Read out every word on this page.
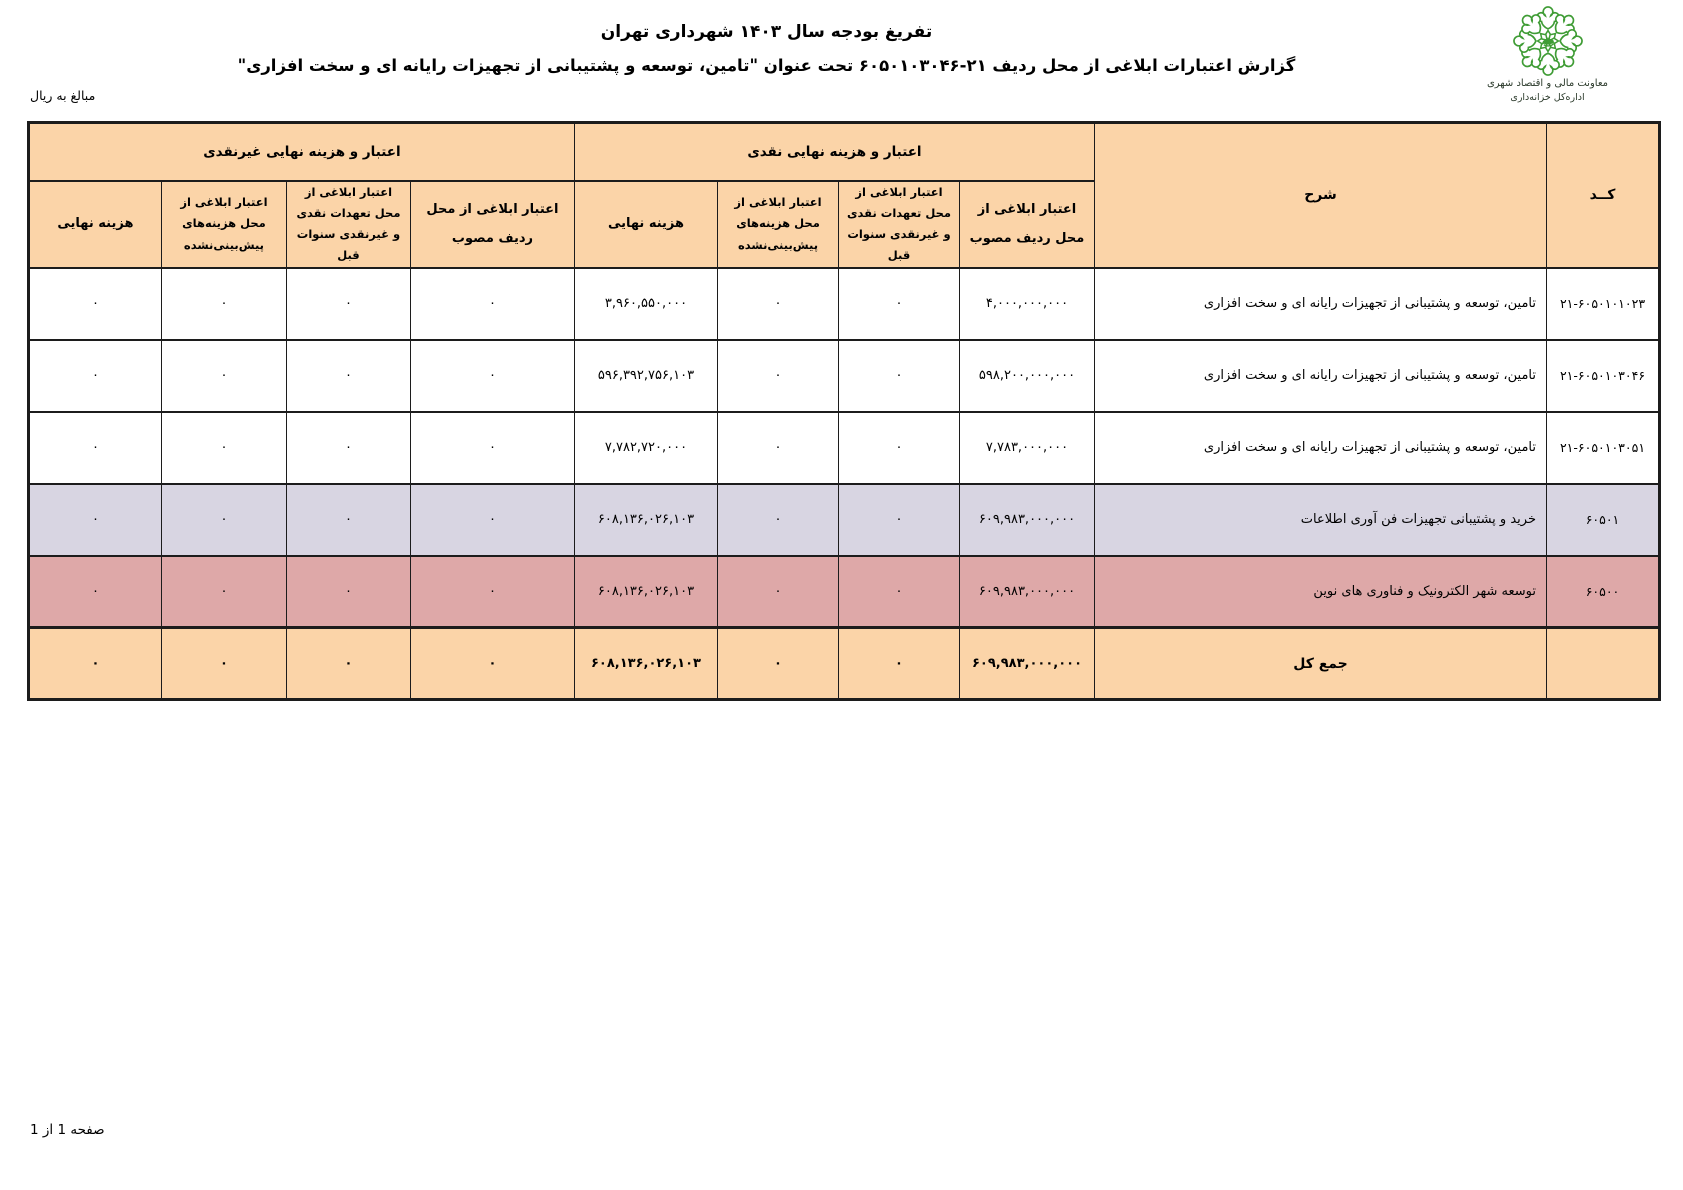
تفریغ بودجه سال ۱۴۰۳ شهرداری تهران
گزارش اعتبارات ابلاغی از محل ردیف ۲۱-۶۰۵۰۱۰۳۰۴۶ تحت عنوان "تامین، توسعه و پشتیبانی از تجهیزات رایانه ای و سخت افزاری"
معاونت مالی و اقتصاد شهری
اداره‌کل خزانه‌داری
مبالغ به ریال
کــد	شرح	اعتبار و هزینه نهایی نقدی				اعتبار و هزینه نهایی غیرنقدی			
		اعتبار ابلاغی از محل ردیف مصوب	اعتبار ابلاغی از محل تعهدات نقدی و غیرنقدی سنوات قبل	اعتبار ابلاغی از محل هزینه‌های پیش‌بینی‌نشده	هزینه نهایی	اعتبار ابلاغی از محل ردیف مصوب	اعتبار ابلاغی از محل تعهدات نقدی و غیرنقدی سنوات قبل	اعتبار ابلاغی از محل هزینه‌های پیش‌بینی‌نشده	هزینه نهایی
۲۱-۶۰۵۰۱۰۱۰۲۳	تامین، توسعه و پشتیبانی از تجهیزات رایانه ای و سخت افزاری	۴,۰۰۰,۰۰۰,۰۰۰	۰	۰	۳,۹۶۰,۵۵۰,۰۰۰	۰	۰	۰	۰
۲۱-۶۰۵۰۱۰۳۰۴۶	تامین، توسعه و پشتیبانی از تجهیزات رایانه ای و سخت افزاری	۵۹۸,۲۰۰,۰۰۰,۰۰۰	۰	۰	۵۹۶,۳۹۲,۷۵۶,۱۰۳	۰	۰	۰	۰
۲۱-۶۰۵۰۱۰۳۰۵۱	تامین، توسعه و پشتیبانی از تجهیزات رایانه ای و سخت افزاری	۷,۷۸۳,۰۰۰,۰۰۰	۰	۰	۷,۷۸۲,۷۲۰,۰۰۰	۰	۰	۰	۰
۶۰۵۰۱	خرید و پشتیبانی تجهیزات فن آوری اطلاعات	۶۰۹,۹۸۳,۰۰۰,۰۰۰	۰	۰	۶۰۸,۱۳۶,۰۲۶,۱۰۳	۰	۰	۰	۰
۶۰۵۰۰	توسعه شهر الکترونیک و فناوری های نوین	۶۰۹,۹۸۳,۰۰۰,۰۰۰	۰	۰	۶۰۸,۱۳۶,۰۲۶,۱۰۳	۰	۰	۰	۰
	جمع کل	۶۰۹,۹۸۳,۰۰۰,۰۰۰	۰	۰	۶۰۸,۱۳۶,۰۲۶,۱۰۳	۰	۰	۰	۰
صفحه 1 از 1
